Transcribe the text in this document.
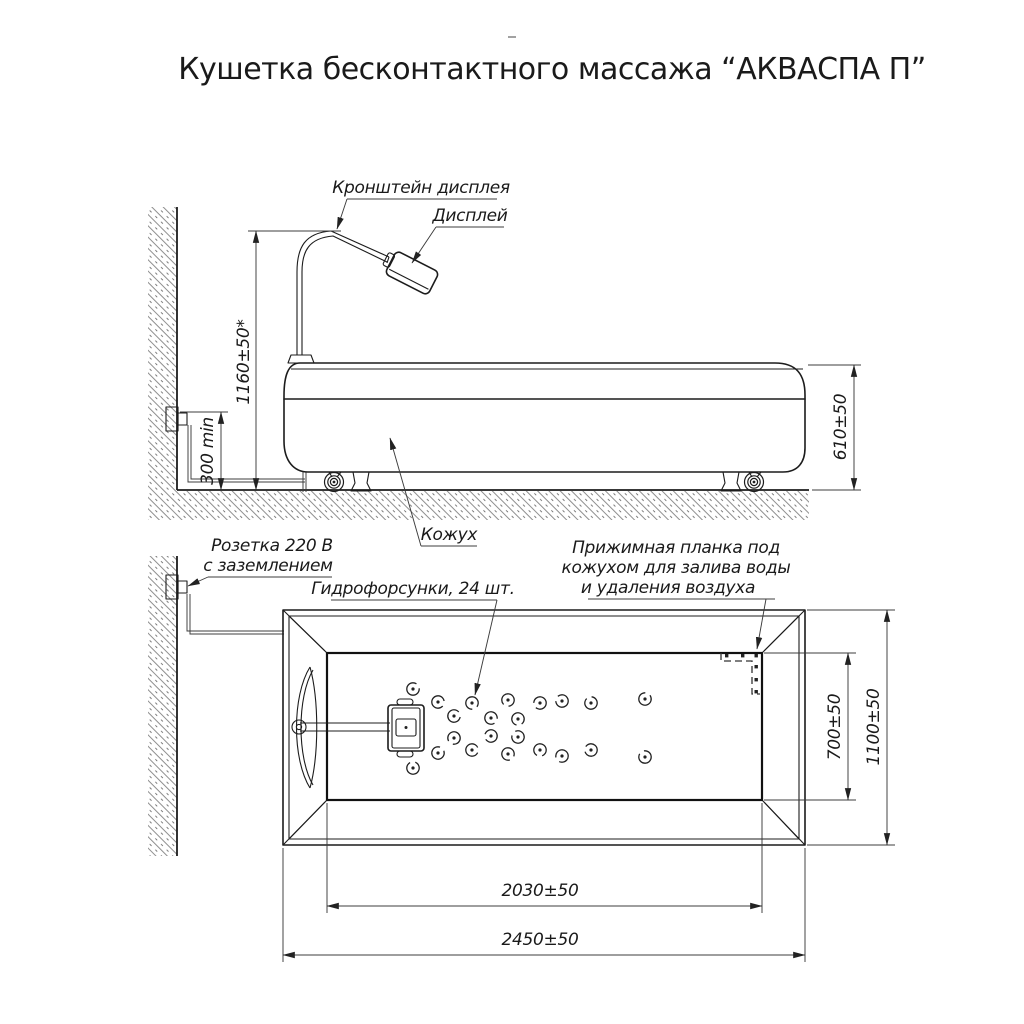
Кушетка бесконтактного массажа “АКВАСПА П”
1160±50*
300 min	610±50
Кронштейн дисплея
Дисплей
Кожух
700±50 1100±50
2030±50
2450±50
Розетка 220 В
с заземлением
Гидрофорсунки, 24 шт.
Прижимная планка под
кожухом для залива воды
и удаления воздуха
